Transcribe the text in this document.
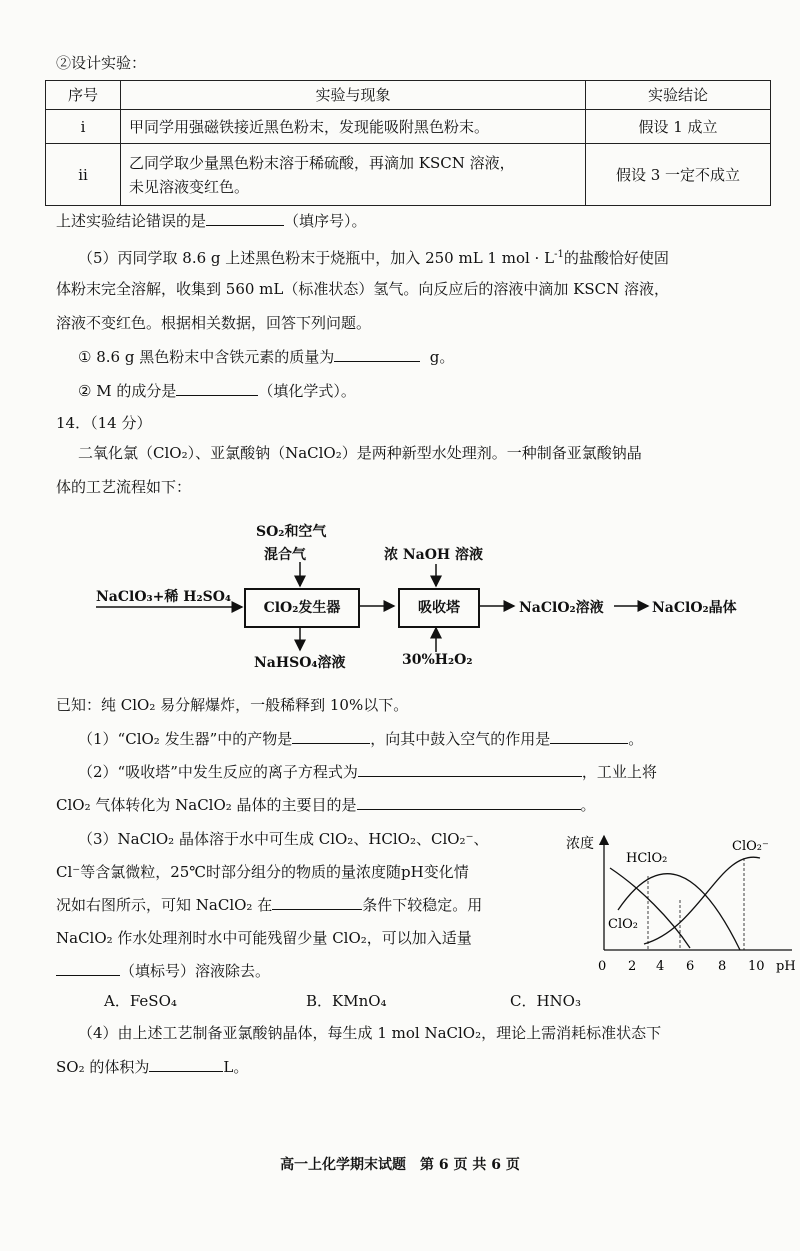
②设计实验：
序号	实验与现象	实验结论
i	甲同学用强磁铁接近黑色粉末，发现能吸附黑色粉末。	假设 1 成立
ii	乙同学取少量黑色粉末溶于稀硫酸，再滴加 KSCN 溶液，
未见溶液变红色。	假设 3 一定不成立
上述实验结论错误的是	（填序号）。
（5）丙同学取 8.6 g 上述黑色粉末于烧瓶中，加入 250 mL 1 mol · $L^{-1}$的盐酸恰好使固
体粉末完全溶解，收集到 560 mL（标准状态）氢气。向反应后的溶液中滴加 KSCN 溶液，
溶液不变红色。根据相关数据，回答下列问题。
① 8.6 g 黑色粉末中含铁元素的质量为	g。
② M 的成分是	（填化学式）。
14．（14 分）
二氧化氯（ClO₂）、亚氯酸钠（NaClO₂）是两种新型水处理剂。一种制备亚氯酸钠晶
体的工艺流程如下：
SO₂和空气
混合气	浓 NaOH 溶液
NaClO₃+稀 H₂SO₄
ClO₂发生器	吸收塔	NaClO₂溶液	NaClO₂晶体
NaHSO₄溶液	30%H₂O₂
已知：纯 ClO₂ 易分解爆炸，一般稀释到 10%以下。
（1）“ClO₂ 发生器”中的产物是	，向其中鼓入空气的作用是	。
（2）“吸收塔”中发生反应的离子方程式为	，工业上将
ClO₂ 气体转化为 NaClO₂ 晶体的主要目的是	。
（3）NaClO₂ 晶体溶于水中可生成 ClO₂、HClO₂、ClO₂⁻、
Cl⁻等含氯微粒，25℃时部分组分的物质的量浓度随pH变化情
况如右图所示，可知 NaClO₂ 在	条件下较稳定。用
NaClO₂ 作水处理剂时水中可能残留少量 ClO₂，可以加入适量
（填标号）溶液除去。
浓度
HClO₂
ClO₂⁻
ClO₂
0 2 4 6 8 10 pH
A．FeSO₄	B．KMnO₄	C．HNO₃
（4）由上述工艺制备亚氯酸钠晶体，每生成 1 mol NaClO₂，理论上需消耗标准状态下
SO₂ 的体积为	L。
高一上化学期末试题　第 6 页 共 6 页
